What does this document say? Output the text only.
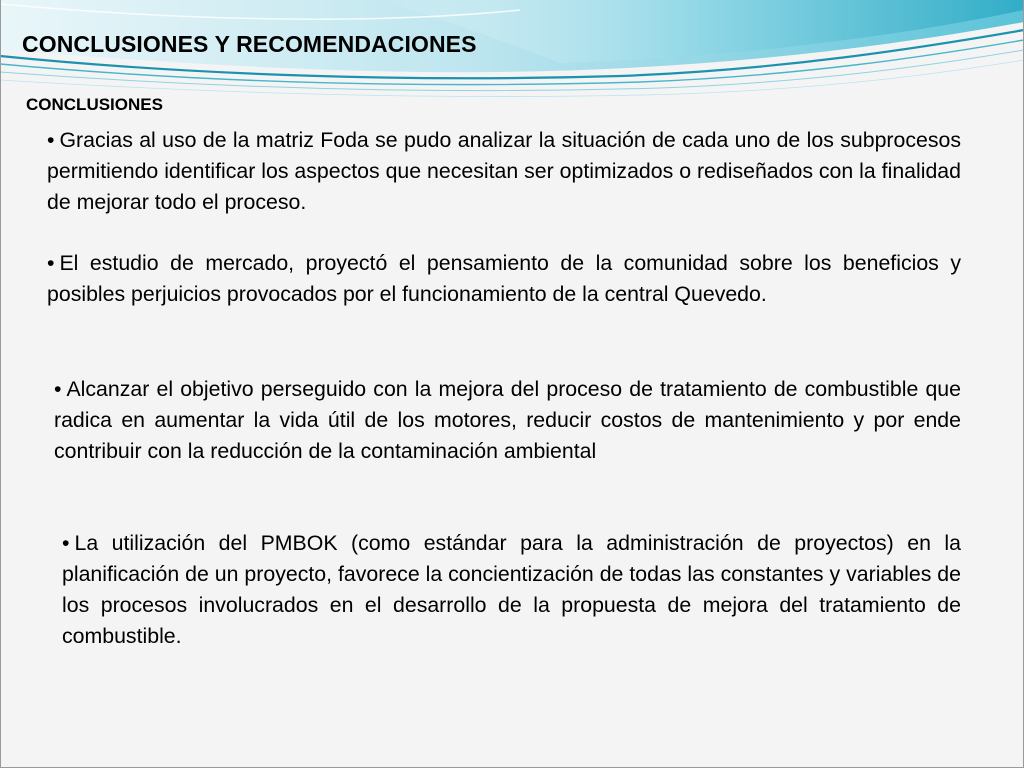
CONCLUSIONES Y RECOMENDACIONES
CONCLUSIONES

• Gracias al uso de la matriz Foda se pudo analizar la situación de cada uno de los subprocesos permitiendo identificar los aspectos que necesitan ser optimizados o rediseñados con la finalidad de mejorar todo el proceso.

• El estudio de mercado, proyectó el pensamiento de la comunidad sobre los beneficios y posibles perjuicios provocados por el funcionamiento de la central Quevedo.

• Alcanzar el objetivo perseguido con la mejora del proceso de tratamiento de combustible que radica en aumentar la vida útil de los motores, reducir costos de mantenimiento y por ende contribuir con la reducción de la contaminación ambiental

• La utilización del PMBOK (como estándar para la administración de proyectos) en la planificación de un proyecto, favorece la concientización de todas las constantes y variables de los procesos involucrados en el desarrollo de la propuesta de mejora del tratamiento de combustible.
